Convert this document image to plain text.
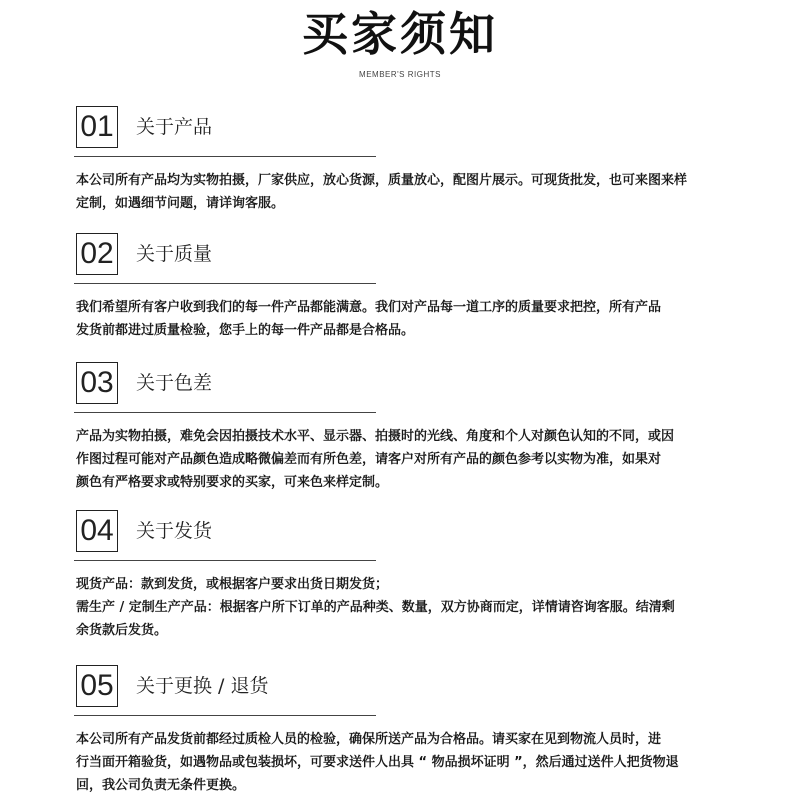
买家须知
MEMBER'S RIGHTS
01 关于产品

本公司所有产品均为实物拍摄，厂家供应，放心货源，质量放心，配图片展示。可现货批发，也可来图来样
定制，如遇细节问题，请详询客服。

02 关于质量

我们希望所有客户收到我们的每一件产品都能满意。我们对产品每一道工序的质量要求把控，所有产品
发货前都进过质量检验，您手上的每一件产品都是合格品。

03 关于色差

产品为实物拍摄，难免会因拍摄技术水平、显示器、拍摄时的光线、角度和个人对颜色认知的不同，或因
作图过程可能对产品颜色造成略微偏差而有所色差，请客户对所有产品的颜色参考以实物为准，如果对
颜色有严格要求或特别要求的买家，可来色来样定制。

04 关于发货

现货产品：款到发货，或根据客户要求出货日期发货；
需生产 / 定制生产产品：根据客户所下订单的产品种类、数量，双方协商而定，详情请咨询客服。结清剩
余货款后发货。

05 关于更换 / 退货

本公司所有产品发货前都经过质检人员的检验，确保所送产品为合格品。请买家在见到物流人员时，进
行当面开箱验货，如遇物品或包装损坏，可要求送件人出具 “ 物品损坏证明 ”，然后通过送件人把货物退
回，我公司负责无条件更换。
